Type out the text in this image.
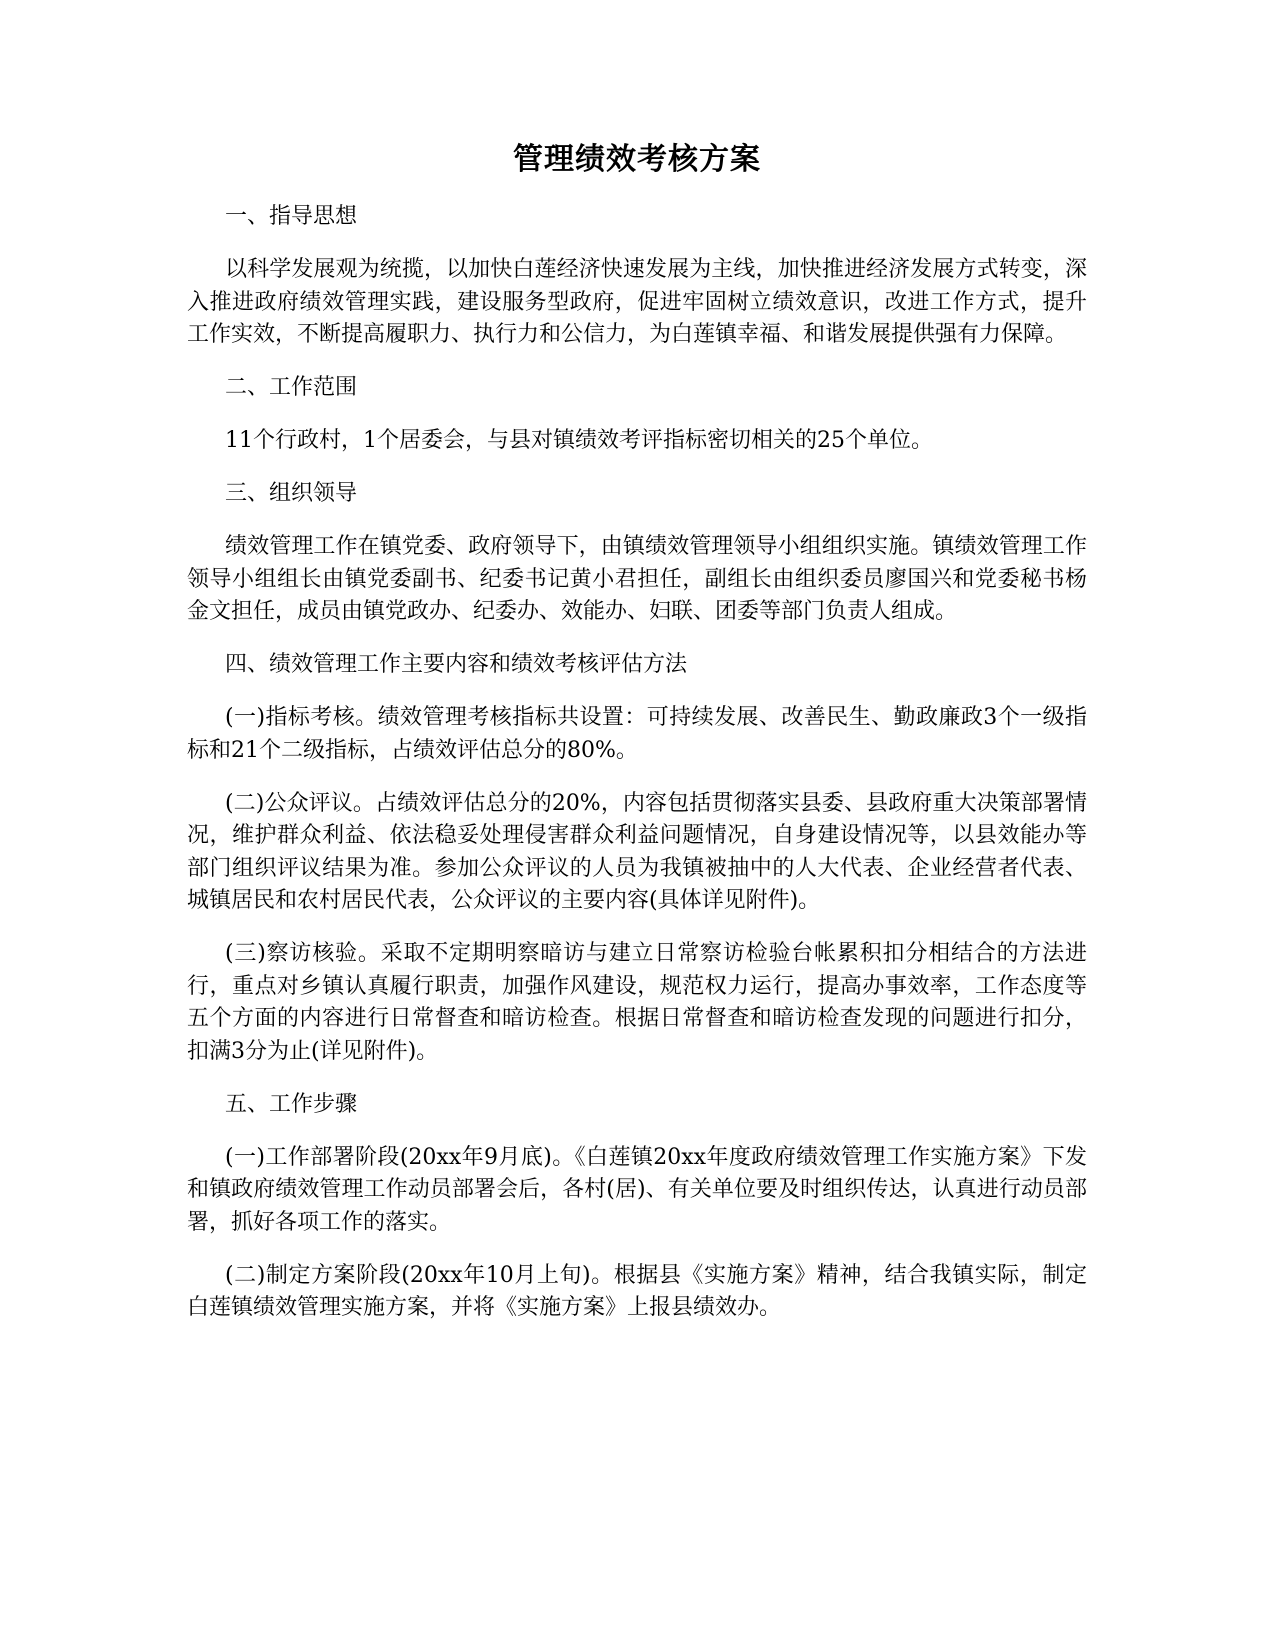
管理绩效考核方案
一、指导思想
以科学发展观为统揽，以加快白莲经济快速发展为主线，加快推进经济发展方式转变，深入推进政府绩效管理实践，建设服务型政府，促进牢固树立绩效意识，改进工作方式，提升工作实效，不断提高履职力、执行力和公信力，为白莲镇幸福、和谐发展提供强有力保障。
二、工作范围
11个行政村，1个居委会，与县对镇绩效考评指标密切相关的25个单位。
三、组织领导
绩效管理工作在镇党委、政府领导下，由镇绩效管理领导小组组织实施。镇绩效管理工作领导小组组长由镇党委副书、纪委书记黄小君担任，副组长由组织委员廖国兴和党委秘书杨金文担任，成员由镇党政办、纪委办、效能办、妇联、团委等部门负责人组成。
四、绩效管理工作主要内容和绩效考核评估方法
(一)指标考核。绩效管理考核指标共设置：可持续发展、改善民生、勤政廉政3个一级指标和21个二级指标，占绩效评估总分的80%。
(二)公众评议。占绩效评估总分的20%，内容包括贯彻落实县委、县政府重大决策部署情况，维护群众利益、依法稳妥处理侵害群众利益问题情况，自身建设情况等，以县效能办等部门组织评议结果为准。参加公众评议的人员为我镇被抽中的人大代表、企业经营者代表、城镇居民和农村居民代表，公众评议的主要内容(具体详见附件)。
(三)察访核验。采取不定期明察暗访与建立日常察访检验台帐累积扣分相结合的方法进行，重点对乡镇认真履行职责，加强作风建设，规范权力运行，提高办事效率，工作态度等五个方面的内容进行日常督查和暗访检查。根据日常督查和暗访检查发现的问题进行扣分，扣满3分为止(详见附件)。
五、工作步骤
(一)工作部署阶段(20xx年9月底)。《白莲镇20xx年度政府绩效管理工作实施方案》下发和镇政府绩效管理工作动员部署会后，各村(居)、有关单位要及时组织传达，认真进行动员部署，抓好各项工作的落实。
(二)制定方案阶段(20xx年10月上旬)。根据县《实施方案》精神，结合我镇实际，制定白莲镇绩效管理实施方案，并将《实施方案》上报县绩效办。
